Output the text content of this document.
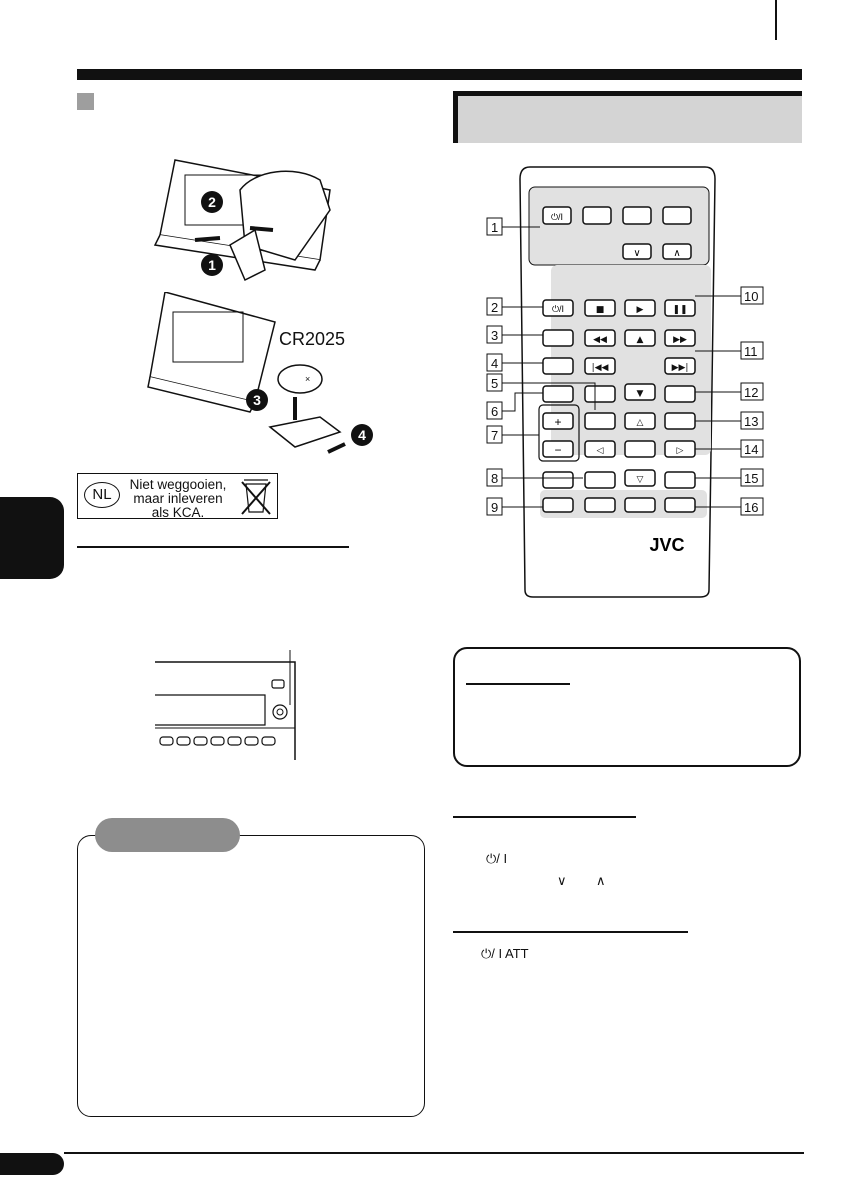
2
1
×
3
4
CR2025
NL
Niet weggooien,
maar inleveren
als KCA.
⏻/I
∨	∧
⏻/I
+
−
■	▶	❚❚
◀◀	▲	▶▶
|◀◀	▶▶|
▼
△
◁	▷
▽
JVC
1
2
3
4
5
6
7
8
9
10
11
12
13
14
15
16
⏻/ I
∨ ∧
⏻/ I ATT
